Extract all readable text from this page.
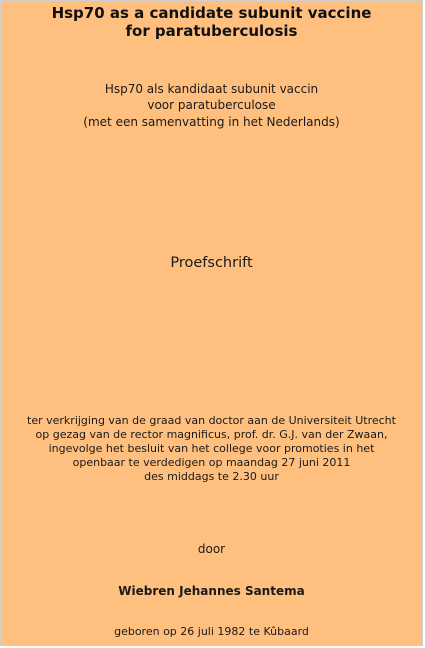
Hsp70 as a candidate subunit vaccine
for paratuberculosis
Hsp70 als kandidaat subunit vaccin
voor paratuberculose
(met een samenvatting in het Nederlands)
Proefschrift
ter verkrijging van de graad van doctor aan de Universiteit Utrecht
op gezag van de rector magnificus, prof. dr. G.J. van der Zwaan,
ingevolge het besluit van het college voor promoties in het
openbaar te verdedigen op maandag 27 juni 2011
des middags te 2.30 uur
door
Wiebren Jehannes Santema
geboren op 26 juli 1982 te Kûbaard
